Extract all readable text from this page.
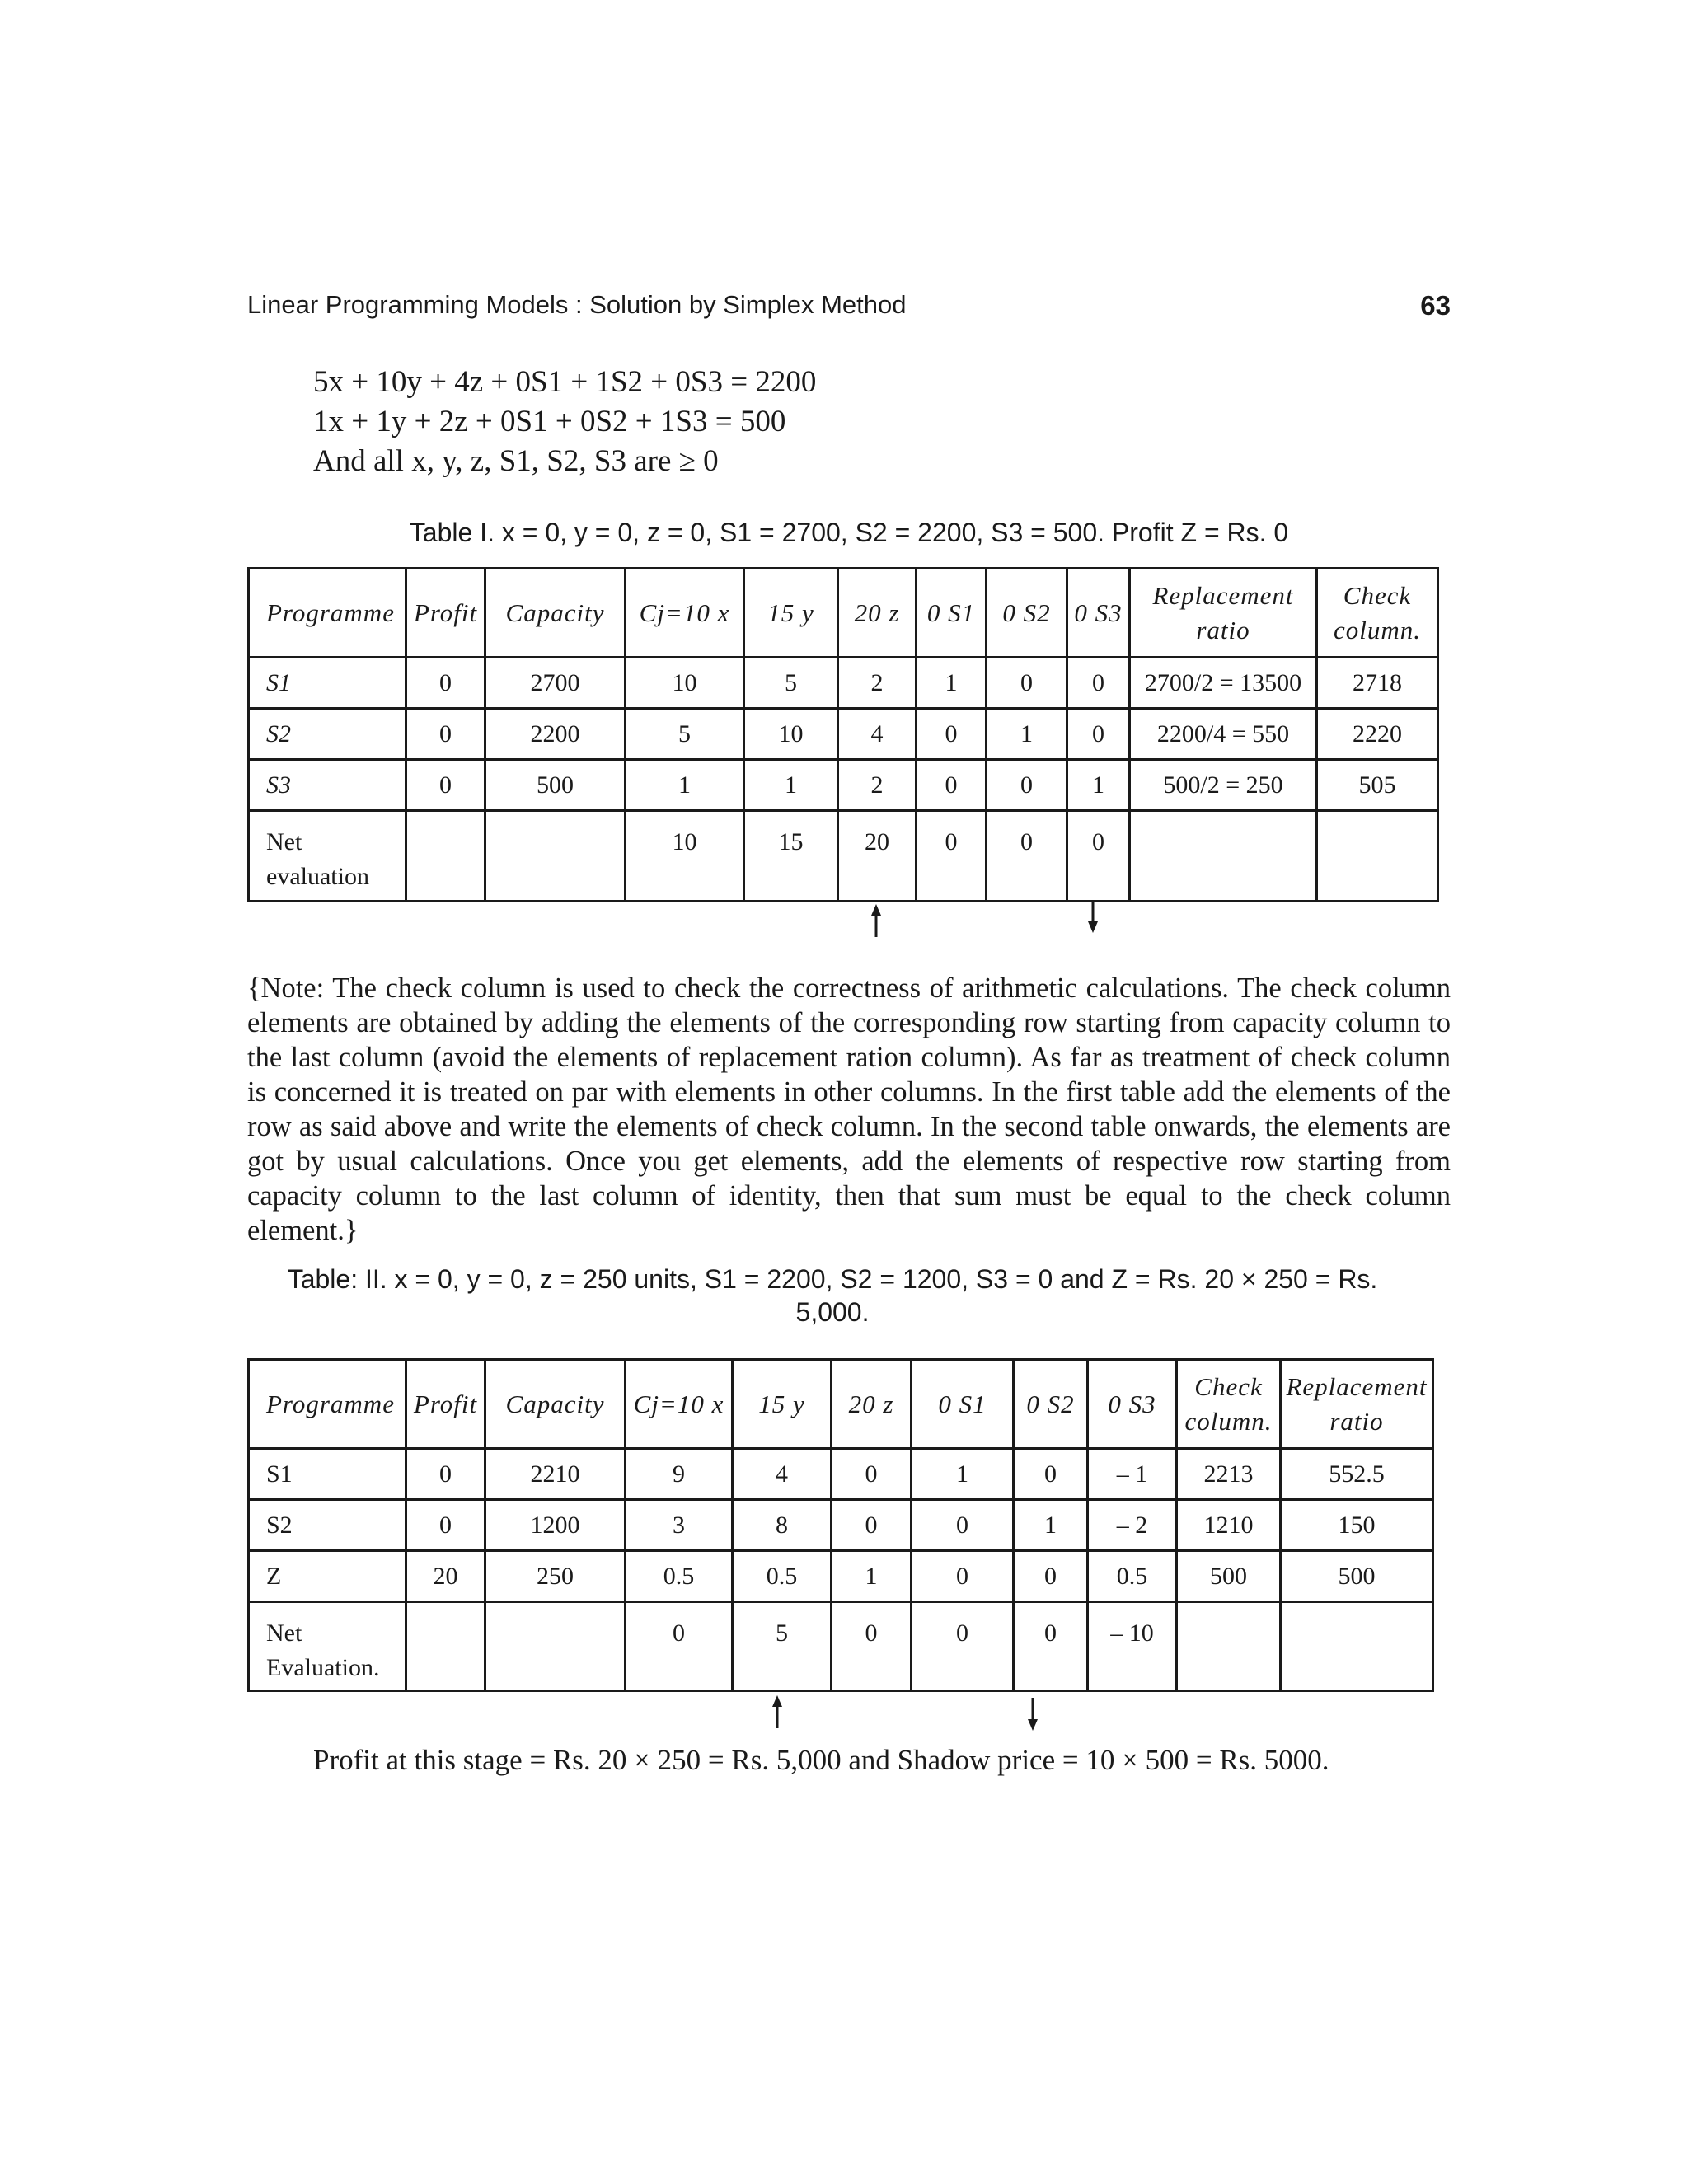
Linear Programming Models : Solution by Simplex Method	63
5x + 10y + 4z + 0S1 + 1S2 + 0S3 = 2200
1x + 1y + 2z + 0S1 + 0S2 + 1S3 = 500
And all x, y, z, S1, S2, S3 are ≥ 0
Table I. x = 0, y = 0, z = 0, S1 = 2700, S2 = 2200, S3 = 500. Profit Z = Rs. 0
Programme	Profit	Capacity	Cj=10 x	15 y	20 z	0 S1	0 S2	0 S3	Replacement ratio	Check column.
S1	0	2700	10	5	2	1	0	0	2700/2 = 13500	2718
S2	0	2200	5	10	4	0	1	0	2200/4 = 550	2220
S3	0	500	1	1	2	0	0	1	500/2 = 250	505
Net evaluation			10	15	20	0	0	0		
{Note: The check column is used to check the correctness of arithmetic calculations. The check column elements are obtained by adding the elements of the corresponding row starting from capacity column to the last column (avoid the elements of replacement ration column). As far as treatment of check column is concerned it is treated on par with elements in other columns. In the first table add the elements of the row as said above and write the elements of check column. In the second table onwards, the elements are got by usual calculations. Once you get elements, add the elements of respective row starting from capacity column to the last column of identity, then that sum must be equal to the check column element.}
Table: II. x = 0, y = 0, z = 250 units, S1 = 2200, S2 = 1200, S3 = 0 and Z = Rs. 20 × 250 = Rs. 5,000.
Programme	Profit	Capacity	Cj=10 x	15 y	20 z	0 S1	0 S2	0 S3	Check column.	Replacement ratio
S1	0	2210	9	4	0	1	0	– 1	2213	552.5
S2	0	1200	3	8	0	0	1	– 2	1210	150
Z	20	250	0.5	0.5	1	0	0	0.5	500	500
Net Evaluation.			0	5	0	0	0	– 10		
Profit at this stage = Rs. 20 × 250 = Rs. 5,000 and Shadow price = 10 × 500 = Rs. 5000.
